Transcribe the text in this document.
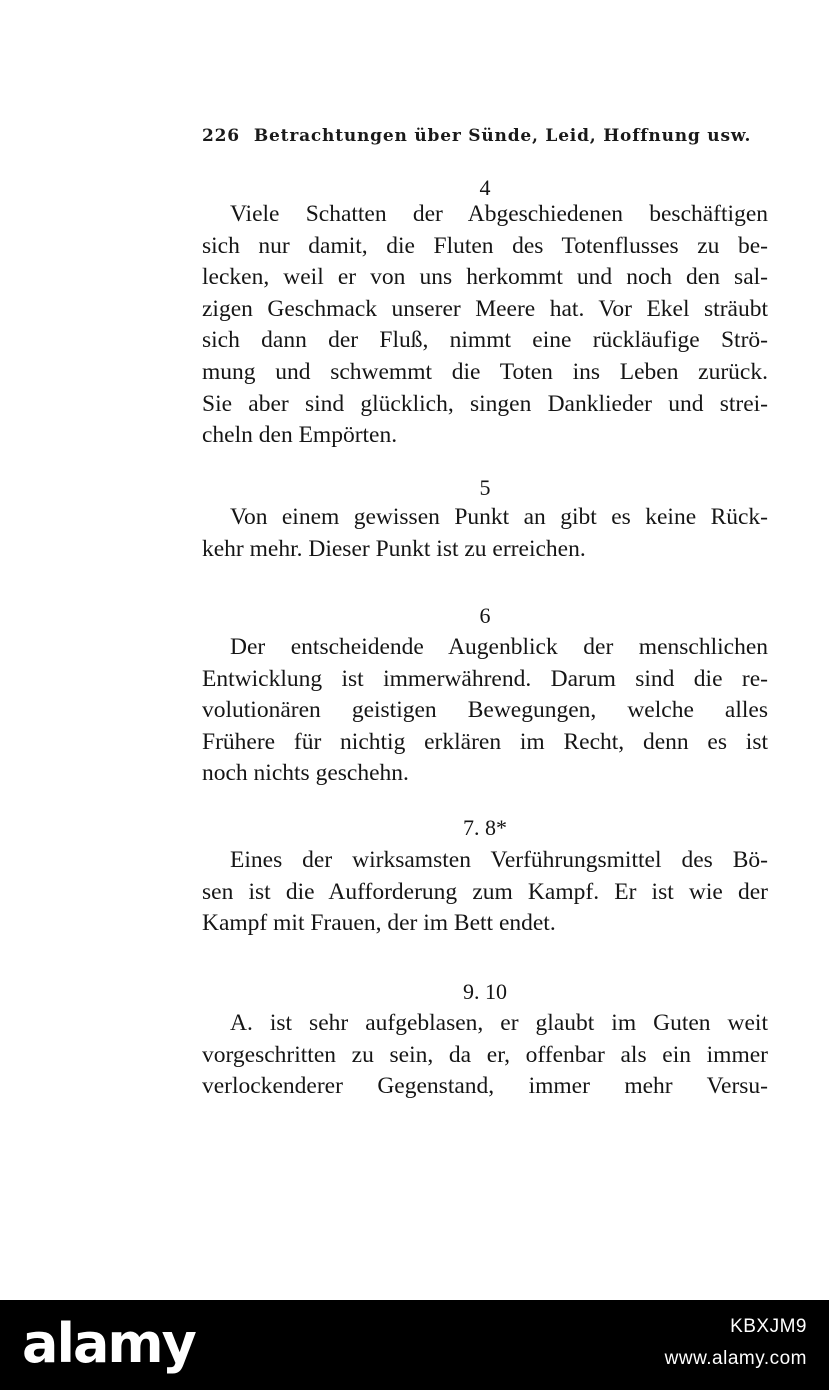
226 Betrachtungen über Sünde, Leid, Hoffnung usw.
4
Viele Schatten der Abgeschiedenen beschäftigen
sich nur damit, die Fluten des Totenflusses zu be-
lecken, weil er von uns herkommt und noch den sal-
zigen Geschmack unserer Meere hat. Vor Ekel sträubt
sich dann der Fluß, nimmt eine rückläufige Strö-
mung und schwemmt die Toten ins Leben zurück.
Sie aber sind glücklich, singen Danklieder und strei-
cheln den Empörten.
5
Von einem gewissen Punkt an gibt es keine Rück-
kehr mehr. Dieser Punkt ist zu erreichen.
6
Der entscheidende Augenblick der menschlichen
Entwicklung ist immerwährend. Darum sind die re-
volutionären geistigen Bewegungen, welche alles
Frühere für nichtig erklären im Recht, denn es ist
noch nichts geschehn.
7. 8*
Eines der wirksamsten Verführungsmittel des Bö-
sen ist die Aufforderung zum Kampf. Er ist wie der
Kampf mit Frauen, der im Bett endet.
9. 10
A. ist sehr aufgeblasen, er glaubt im Guten weit
vorgeschritten zu sein, da er, offenbar als ein immer
verlockenderer Gegenstand, immer mehr Versu-
alamy	KBXJM9
www.alamy.com
